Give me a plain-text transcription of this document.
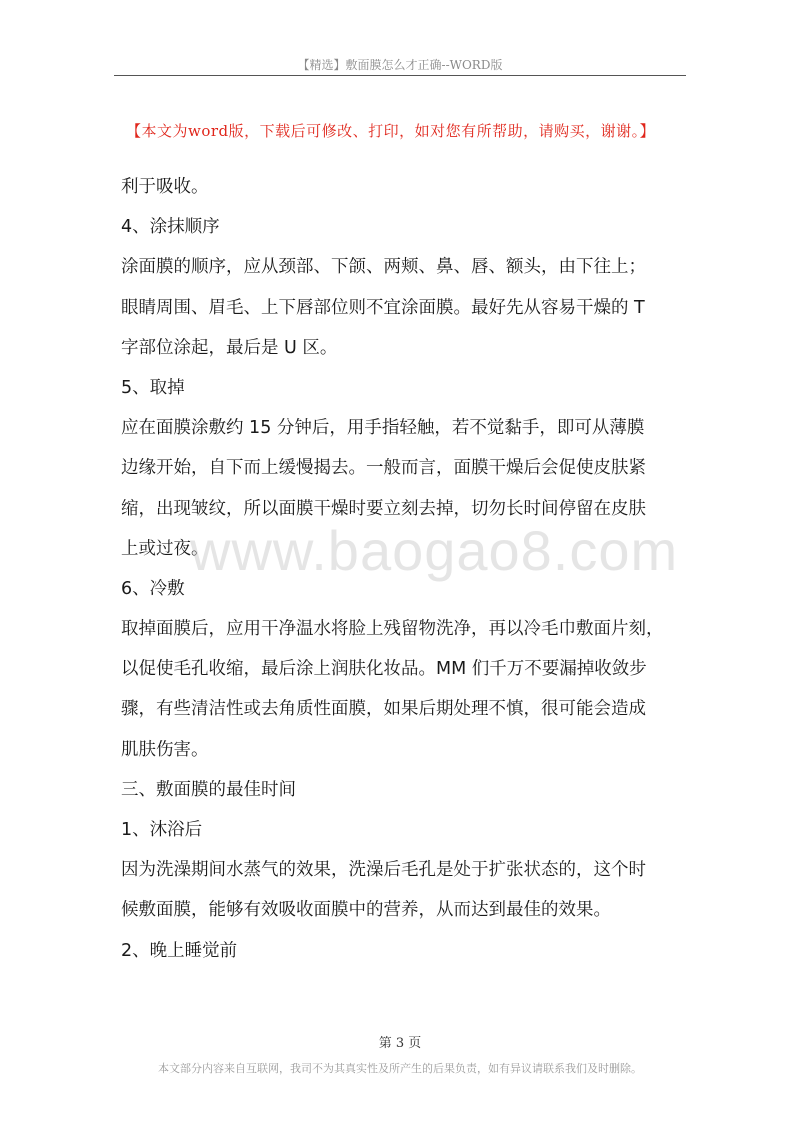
【精选】敷面膜怎么才正确--WORD版
【本文为word版，下载后可修改、打印，如对您有所帮助，请购买，谢谢。】
利于吸收。
4、涂抹顺序
涂面膜的顺序，应从颈部、下颌、两颊、鼻、唇、额头，由下往上；
眼睛周围、眉毛、上下唇部位则不宜涂面膜。最好先从容易干燥的 T
字部位涂起，最后是 U 区。
5、取掉
应在面膜涂敷约 15 分钟后，用手指轻触，若不觉黏手，即可从薄膜
边缘开始，自下而上缓慢揭去。一般而言，面膜干燥后会促使皮肤紧
缩，出现皱纹，所以面膜干燥时要立刻去掉，切勿长时间停留在皮肤
上或过夜。
6、冷敷
取掉面膜后，应用干净温水将脸上残留物洗净，再以冷毛巾敷面片刻，
以促使毛孔收缩，最后涂上润肤化妆品。MM 们千万不要漏掉收敛步
骤，有些清洁性或去角质性面膜，如果后期处理不慎，很可能会造成
肌肤伤害。
三、敷面膜的最佳时间
1、沐浴后
因为洗澡期间水蒸气的效果，洗澡后毛孔是处于扩张状态的，这个时
候敷面膜，能够有效吸收面膜中的营养，从而达到最佳的效果。
2、晚上睡觉前
www.baogao8.com
第 3 页
本文部分内容来自互联网，我司不为其真实性及所产生的后果负责，如有异议请联系我们及时删除。
